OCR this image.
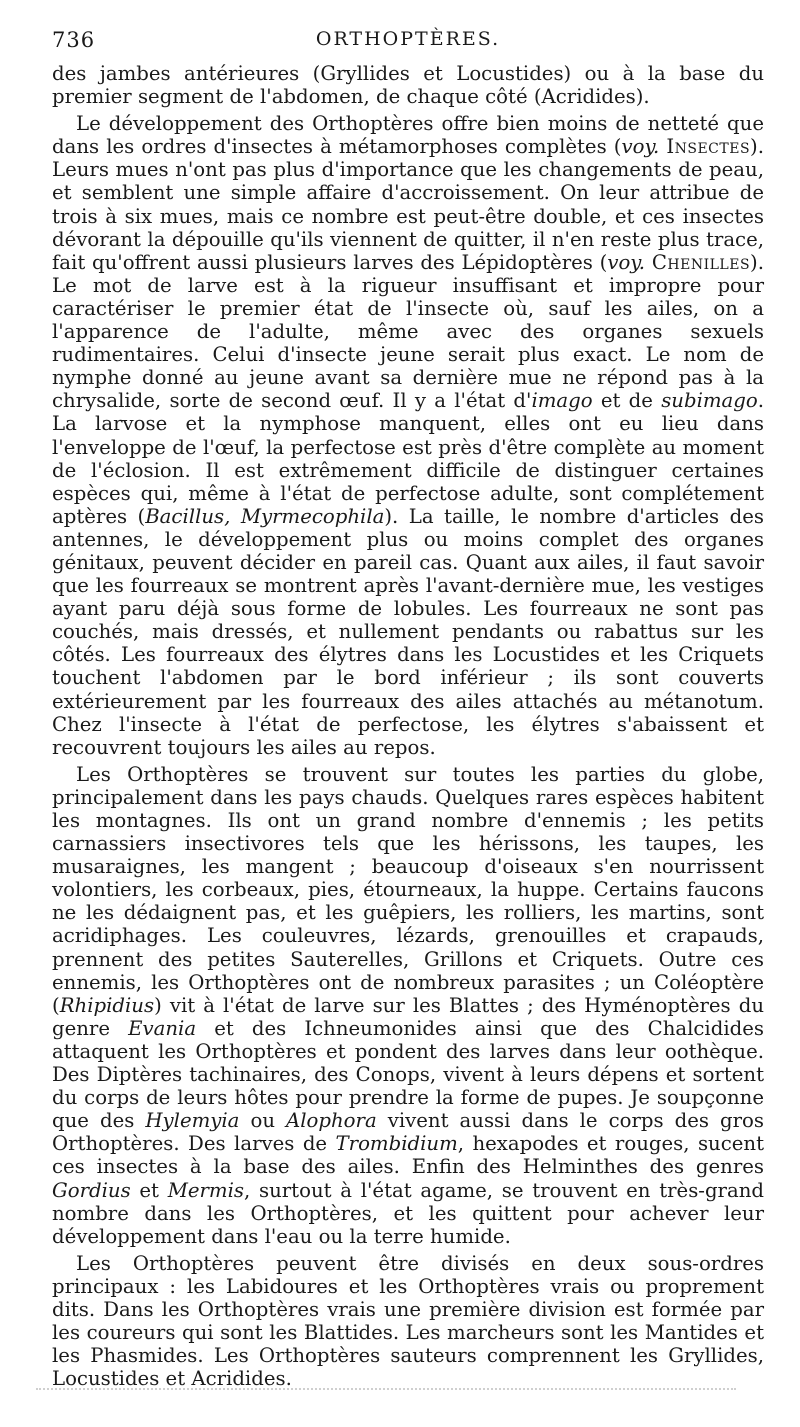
736	ORTHOPTÈRES.

des jambes antérieures (Gryllides et Locustides) ou à la base du premier segment de l'abdomen, de chaque côté (Acridides).

Le développement des Orthoptères offre bien moins de netteté que dans les ordres d'insectes à métamorphoses complètes (voy. Insectes). Leurs mues n'ont pas plus d'importance que les changements de peau, et semblent une simple affaire d'accroissement. On leur attribue de trois à six mues, mais ce nombre est peut-être double, et ces insectes dévorant la dépouille qu'ils viennent de quitter, il n'en reste plus trace, fait qu'offrent aussi plusieurs larves des Lépidoptères (voy. Chenilles). Le mot de larve est à la rigueur insuffisant et impropre pour caractériser le premier état de l'insecte où, sauf les ailes, on a l'apparence de l'adulte, même avec des organes sexuels rudimentaires. Celui d'insecte jeune serait plus exact. Le nom de nymphe donné au jeune avant sa dernière mue ne répond pas à la chrysalide, sorte de second œuf. Il y a l'état d'imago et de subimago. La larvose et la nymphose manquent, elles ont eu lieu dans l'enveloppe de l'œuf, la perfectose est près d'être complète au moment de l'éclosion. Il est extrêmement difficile de distinguer certaines espèces qui, même à l'état de perfectose adulte, sont complétement aptères (Bacillus, Myrmecophila). La taille, le nombre d'articles des antennes, le développement plus ou moins complet des organes génitaux, peuvent décider en pareil cas. Quant aux ailes, il faut savoir que les fourreaux se montrent après l'avant-dernière mue, les vestiges ayant paru déjà sous forme de lobules. Les fourreaux ne sont pas couchés, mais dressés, et nullement pendants ou rabattus sur les côtés. Les fourreaux des élytres dans les Locustides et les Criquets touchent l'abdomen par le bord inférieur ; ils sont couverts extérieurement par les fourreaux des ailes attachés au métanotum. Chez l'insecte à l'état de perfectose, les élytres s'abaissent et recouvrent toujours les ailes au repos.

Les Orthoptères se trouvent sur toutes les parties du globe, principalement dans les pays chauds. Quelques rares espèces habitent les montagnes. Ils ont un grand nombre d'ennemis ; les petits carnassiers insectivores tels que les hérissons, les taupes, les musaraignes, les mangent ; beaucoup d'oiseaux s'en nourrissent volontiers, les corbeaux, pies, étourneaux, la huppe. Certains faucons ne les dédaignent pas, et les guêpiers, les rolliers, les martins, sont acridiphages. Les couleuvres, lézards, grenouilles et crapauds, prennent des petites Sauterelles, Grillons et Criquets. Outre ces ennemis, les Orthoptères ont de nombreux parasites ; un Coléoptère (Rhipidius) vit à l'état de larve sur les Blattes ; des Hyménoptères du genre Evania et des Ichneumonides ainsi que des Chalcidides attaquent les Orthoptères et pondent des larves dans leur oothèque. Des Diptères tachinaires, des Conops, vivent à leurs dépens et sortent du corps de leurs hôtes pour prendre la forme de pupes. Je soupçonne que des Hylemyia ou Alophora vivent aussi dans le corps des gros Orthoptères. Des larves de Trombidium, hexapodes et rouges, sucent ces insectes à la base des ailes. Enfin des Helminthes des genres Gordius et Mermis, surtout à l'état agame, se trouvent en très-grand nombre dans les Orthoptères, et les quittent pour achever leur développement dans l'eau ou la terre humide.

Les Orthoptères peuvent être divisés en deux sous-ordres principaux : les Labidoures et les Orthoptères vrais ou proprement dits. Dans les Orthoptères vrais une première division est formée par les coureurs qui sont les Blattides. Les marcheurs sont les Mantides et les Phasmides. Les Orthoptères sauteurs comprennent les Gryllides, Locustides et Acridides.
